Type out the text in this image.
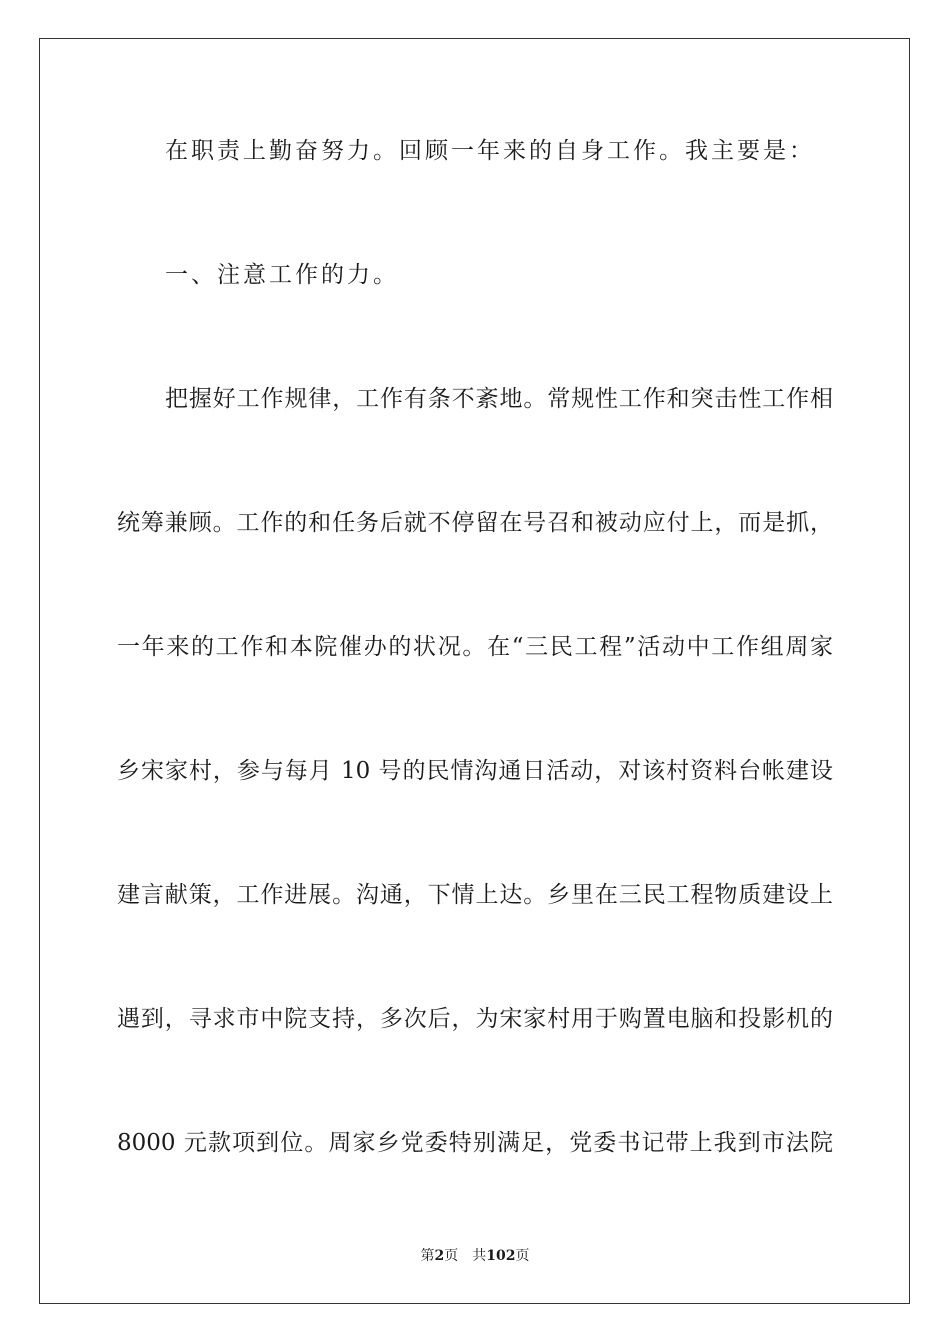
在职责上勤奋努力。回顾一年来的自身工作。我主要是：
一、注意工作的力。
把握好工作规律，工作有条不紊地。常规性工作和突击性工作相
统筹兼顾。工作的和任务后就不停留在号召和被动应付上，而是抓，
一年来的工作和本院催办的状况。在“三民工程”活动中工作组周家
乡宋家村，参与每月 10 号的民情沟通日活动，对该村资料台帐建设
建言献策，工作进展。沟通，下情上达。乡里在三民工程物质建设上
遇到，寻求市中院支持，多次后，为宋家村用于购置电脑和投影机的
8000 元款项到位。周家乡党委特别满足，党委书记带上我到市法院
第2页 共102页
